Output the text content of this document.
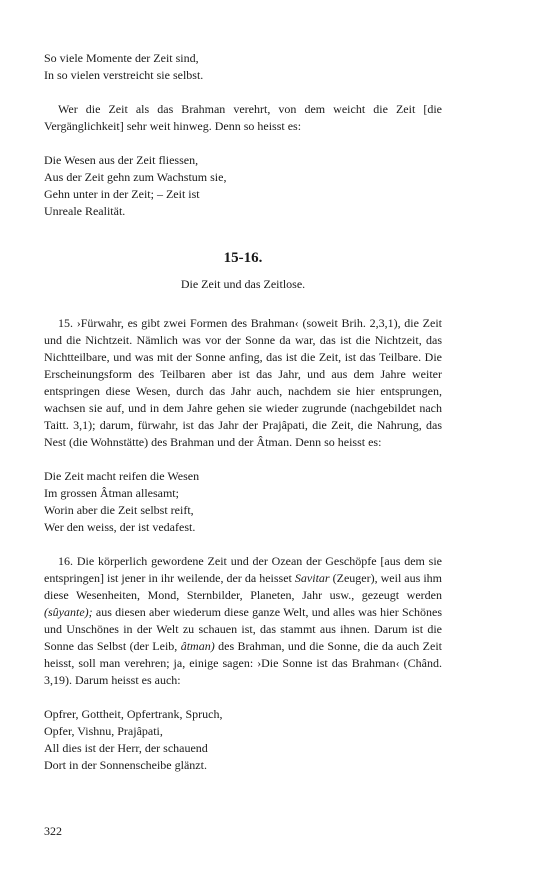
So viele Momente der Zeit sind,
In so vielen verstreicht sie selbst.

Wer die Zeit als das Brahman verehrt, von dem weicht die Zeit [die Vergänglichkeit] sehr weit hinweg. Denn so heisst es:

Die Wesen aus der Zeit fliessen,
Aus der Zeit gehn zum Wachstum sie,
Gehn unter in der Zeit; – Zeit ist
Unreale Realität.
15-16.

Die Zeit und das Zeitlose.

15. ›Fürwahr, es gibt zwei Formen des Brahman‹ (soweit Brih. 2,3,1), die Zeit und die Nichtzeit. Nämlich was vor der Sonne da war, das ist die Nichtzeit, das Nichtteilbare, und was mit der Sonne anfing, das ist die Zeit, ist das Teilbare. Die Erscheinungsform des Teilbaren aber ist das Jahr, und aus dem Jahre weiter entspringen diese Wesen, durch das Jahr auch, nachdem sie hier entsprungen, wachsen sie auf, und in dem Jahre gehen sie wieder zugrunde (nachgebildet nach Taitt. 3,1); darum, fürwahr, ist das Jahr der Prajâpati, die Zeit, die Nahrung, das Nest (die Wohnstätte) des Brahman und der Âtman. Denn so heisst es:

Die Zeit macht reifen die Wesen
Im grossen Âtman allesamt;
Worin aber die Zeit selbst reift,
Wer den weiss, der ist vedafest.

16. Die körperlich gewordene Zeit und der Ozean der Geschöpfe [aus dem sie entspringen] ist jener in ihr weilende, der da heisset Savitar (Zeuger), weil aus ihm diese Wesenheiten, Mond, Sternbilder, Planeten, Jahr usw., gezeugt werden (sûyante); aus diesen aber wiederum diese ganze Welt, und alles was hier Schönes und Unschönes in der Welt zu schauen ist, das stammt aus ihnen. Darum ist die Sonne das Selbst (der Leib, âtman) des Brahman, und die Sonne, die da auch Zeit heisst, soll man verehren; ja, einige sagen: ›Die Sonne ist das Brahman‹ (Chând. 3,19). Darum heisst es auch:

Opfrer, Gottheit, Opfertrank, Spruch,
Opfer, Vishnu, Prajâpati,
All dies ist der Herr, der schauend
Dort in der Sonnenscheibe glänzt.
322
